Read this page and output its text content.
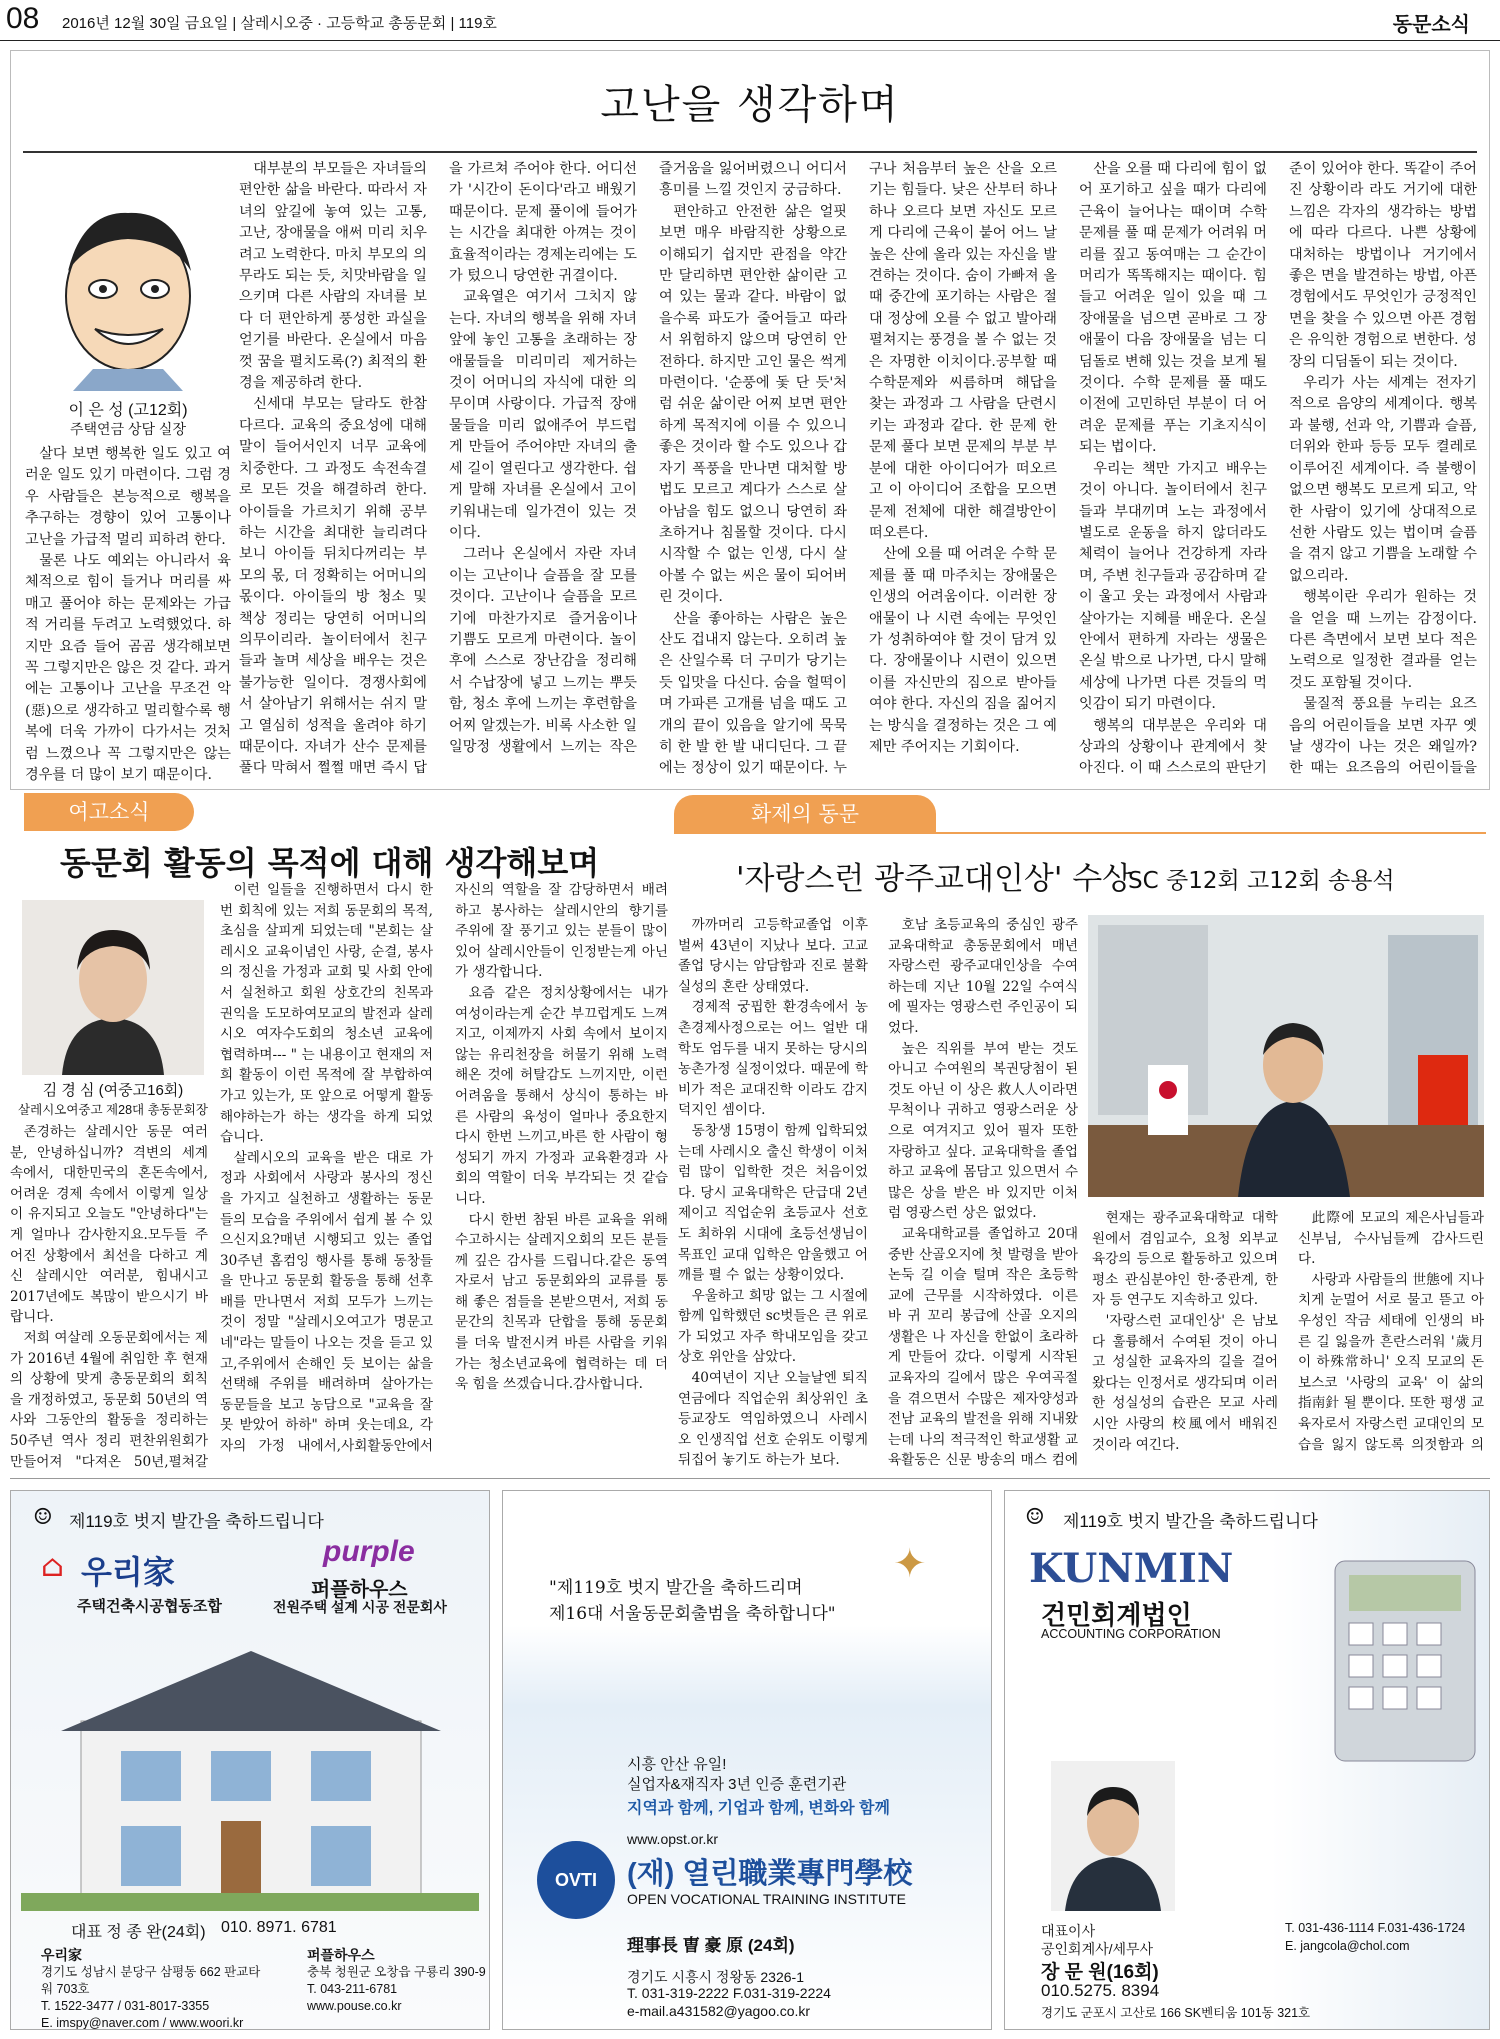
08 2016년 12월 30일 금요일 | 살레시오중 · 고등학교 총동문회 | 119호	동문소식
고난을 생각하며
이 은 성 (고12회)
주택연금 상담 실장

살다 보면 행복한 일도 있고 여러운 일도 있기 마련이다. 그럼 경우 사람들은 본능적으로 행복을 추구하는 경향이 있어 고통이나 고난을 가급적 멀리 피하려 한다.

물론 나도 예외는 아니라서 육체적으로 힘이 들거나 머리를 싸매고 풀어야 하는 문제와는 가급적 거리를 두려고 노력했었다. 하지만 요즘 들어 곰곰 생각해보면 꼭 그렇지만은 않은 것 같다. 과거에는 고통이나 고난을 무조건 악(惡)으로 생각하고 멀리할수록 행복에 더욱 가까이 다가서는 것처럼 느꼈으나 꼭 그렇지만은 않는 경우를 더 많이 보기 때문이다.

대부분의 부모들은 자녀들의 편안한 삶을 바란다. 따라서 자녀의 앞길에 놓여 있는 고통, 고난, 장애물을 애써 미리 치우려고 노력한다. 마치 부모의 의무라도 되는 듯, 치맛바람을 일으키며 다른 사람의 자녀를 보다 더 편안하게 풍성한 과실을 얻기를 바란다. 온실에서 마음껏 꿈을 펼치도록(?) 최적의 환경을 제공하려 한다.

신세대 부모는 달라도 한참 다르다. 교육의 중요성에 대해 말이 들어서인지 너무 교육에 치중한다. 그 과정도 속전속결로 모든 것을 해결하려 한다. 아이들을 가르치기 위해 공부하는 시간을 최대한 늘리려다 보니 아이들 뒤치다꺼리는 부모의 몫, 더 정확히는 어머니의 몫이다. 아이들의 방 청소 및 책상 정리는 당연히 어머니의 의무이리라. 놀이터에서 친구들과 놀며 세상을 배우는 것은 불가능한 일이다. 경쟁사회에서 살아남기 위해서는 쉬지 말고 열심히 성적을 올려야 하기 때문이다. 자녀가 산수 문제를 풀다 막혀서 쩔쩔 매면 즉시 답을 가르쳐 주어야 한다. 어디선가 '시간이 돈이다'라고 배웠기 때문이다. 문제 풀이에 들어가는 시간을 최대한 아껴는 것이 효율적이라는 경제논리에는 도가 텄으니 당연한 귀결이다.

교육열은 여기서 그치지 않는다. 자녀의 행복을 위해 자녀 앞에 놓인 고통을 초래하는 장애물들을 미리미리 제거하는 것이 어머니의 자식에 대한 의무이며 사랑이다. 가급적 장애물들을 미리 없애주어 부드럽게 만들어 주어야만 자녀의 출세 길이 열린다고 생각한다. 쉽게 말해 자녀를 온실에서 고이 키워내는데 일가견이 있는 것이다.

그러나 온실에서 자란 자녀이는 고난이나 슬픔을 잘 모를 것이다. 고난이나 슬픔을 모르기에 마찬가지로 즐거움이나 기쁨도 모르게 마련이다. 놀이 후에 스스로 장난감을 정리해서 수납장에 넣고 느끼는 뿌듯함, 청소 후에 느끼는 후련함을 어찌 알겠는가. 비록 사소한 일일망정 생활에서 느끼는 작은 즐거움을 잃어버렸으니 어디서 흥미를 느낄 것인지 궁금하다.

편안하고 안전한 삶은 얼핏 보면 매우 바람직한 상황으로 이해되기 쉽지만 관점을 약간만 달리하면 편안한 삶이란 고여 있는 물과 같다. 바람이 없을수록 파도가 줄어들고 따라서 위험하지 않으며 당연히 안전하다. 하지만 고인 물은 썩게 마련이다. '순풍에 돛 단 듯'처럼 쉬운 삶이란 어찌 보면 편안하게 목적지에 이를 수 있으니 좋은 것이라 할 수도 있으나 갑자기 폭풍을 만나면 대처할 방법도 모르고 계다가 스스로 살아남을 힘도 없으니 당연히 좌초하거나 침몰할 것이다. 다시 시작할 수 없는 인생, 다시 살아볼 수 없는 씨은 물이 되어버린 것이다.

산을 좋아하는 사람은 높은 산도 겁내지 않는다. 오히려 높은 산일수록 더 구미가 당기는 듯 입맛을 다신다. 숨을 헐떡이며 가파른 고개를 넘을 때도 고개의 끝이 있음을 알기에 묵묵히 한 발 한 발 내디딘다. 그 끝에는 정상이 있기 때문이다. 누구나 처음부터 높은 산을 오르기는 힘들다. 낮은 산부터 하나하나 오르다 보면 자신도 모르게 다리에 근육이 붙어 어느 날 높은 산에 올라 있는 자신을 발견하는 것이다. 숨이 가빠져 올 때 중간에 포기하는 사람은 절대 정상에 오를 수 없고 발아래 펼쳐지는 풍경을 볼 수 없는 것은 자명한 이치이다.공부할 때 수학문제와 씨름하며 해답을 찾는 과정과 그 사람을 단련시키는 과정과 같다. 한 문제 한 문제 풀다 보면 문제의 부분 부분에 대한 아이디어가 떠오르고 이 아이디어 조합을 모으면 문제 전체에 대한 해결방안이 떠오른다.

산에 오를 때 어려운 수학 문제를 풀 때 마주치는 장애물은 인생의 어려움이다. 이러한 장애물이 나 시련 속에는 무엇인가 성취하여야 할 것이 담겨 있다. 장애물이나 시련이 있으면 이를 자신만의 짐으로 받아들여야 한다. 자신의 짐을 짊어지는 방식을 결정하는 것은 그 예제만 주어지는 기회이다.

산을 오를 때 다리에 힘이 없어 포기하고 싶을 때가 다리에 근육이 늘어나는 때이며 수학문제를 풀 때 문제가 어려워 머리를 짚고 동여매는 그 순간이 머리가 똑똑해지는 때이다. 힘들고 어려운 일이 있을 때 그 장애물을 넘으면 곧바로 그 장애물이 다음 장애물을 넘는 디딤돌로 변해 있는 것을 보게 될 것이다. 수학 문제를 풀 때도 이전에 고민하던 부분이 더 어려운 문제를 푸는 기초지식이 되는 법이다.

우리는 책만 가지고 배우는 것이 아니다. 놀이터에서 친구들과 부대끼며 노는 과정에서 별도로 운동을 하지 않더라도 체력이 늘어나 건강하게 자라며, 주변 친구들과 공감하며 같이 울고 웃는 과정에서 사람과 살아가는 지혜를 배운다. 온실 안에서 편하게 자라는 생물은 온실 밖으로 나가면, 다시 말해 세상에 나가면 다른 것들의 먹잇감이 되기 마련이다.

행복의 대부분은 우리와 대상과의 상황이나 관계에서 찾아진다. 이 때 스스로의 판단기준이 있어야 한다. 똑같이 주어진 상황이라 라도 거기에 대한 느낌은 각자의 생각하는 방법에 따라 다르다. 나쁜 상황에 대처하는 방법이나 거기에서 좋은 면을 발견하는 방법, 아픈 경험에서도 무엇인가 긍정적인 면을 찾을 수 있으면 아픈 경험은 유익한 경험으로 변한다. 성장의 디딤돌이 되는 것이다.

우리가 사는 세계는 전자기적으로 음양의 세계이다. 행복과 불행, 선과 악, 기쁨과 슬픔, 더위와 한파 등등 모두 켤레로 이루어진 세계이다. 즉 불행이 없으면 행복도 모르게 되고, 악한 사람이 있기에 상대적으로 선한 사람도 있는 법이며 슬픔을 겪지 않고 기쁨을 노래할 수 없으리라.

행복이란 우리가 원하는 것을 얻을 때 느끼는 감정이다. 다른 측면에서 보면 보다 적은 노력으로 일정한 결과를 얻는 것도 포함될 것이다.

물질적 풍요를 누리는 요즈음의 어린이들을 보면 자꾸 옛날 생각이 나는 것은 왜일까? 한 때는 요즈음의 어린이들을

여고소식
동문회 활동의 목적에 대해 생각해보며
김 경 심 (여중고16회)
살레시오여중고 제28대 총동문회장

존경하는 살레시안 동문 여러분, 안녕하십니까? 격변의 세계 속에서, 대한민국의 혼돈속에서, 어려운 경제 속에서 이렇게 일상이 유지되고 오늘도 "안녕하다"는 게 얼마나 감사한지요.모두들 주어진 상황에서 최선을 다하고 계신 살레시안 여러분, 힘내시고 2017년에도 복많이 받으시기 바랍니다.

저희 여살레 오동문회에서는 제가 2016년 4월에 취임한 후 현재의 상황에 맞게 총동문회의 회칙을 개정하였고, 동문회 50년의 역사와 그동안의 활동을 정리하는 50주년 역사 정리 편찬위원회가 만들어져 "다져온 50년,펼쳐갈

이런 일들을 진행하면서 다시 한번 회칙에 있는 저희 동문회의 목적,초심을 살피게 되었는데 "본회는 살레시오 교육이념인 사랑, 순결, 봉사의 정신을 가정과 교회 및 사회 안에서 실천하고 회원 상호간의 친목과 권익을 도모하여모교의 발전과 살레시오 여자수도회의 청소년 교육에 협력하며--- " 는 내용이고 현재의 저희 활동이 이런 목적에 잘 부합하여 가고 있는가, 또 앞으로 어떻게 활동해야하는가 하는 생각을 하게 되었습니다.

살레시오의 교육을 받은 대로 가정과 사회에서 사랑과 봉사의 정신을 가지고 실천하고 생활하는 동문들의 모습을 주위에서 쉽게 볼 수 있으신지요?매년 시행되고 있는 졸업 30주년 홈컴잉 행사를 통해 동창들을 만나고 동문회 활동을 통해 선후배를 만나면서 저희 모두가 느끼는 것이 정말 "살레시오여고가 명문고네"라는 말들이 나오는 것을 듣고 있고,주위에서 손해인 듯 보이는 삶을 선택해 주위를 배려하며 살아가는 동문들을 보고 농담으로 "교육을 잘못 받았어 하하" 하며 웃는데요, 각자의 가정 내에서,사회활동안에서 자신의 역할을 잘 감당하면서 배려하고 봉사하는 살레시안의 향기를 주위에 잘 풍기고 있는 분들이 많이 있어 살레시안들이 인정받는게 아닌가 생각합니다.

요즘 같은 정치상황에서는 내가 여성이라는게 순간 부끄럽게도 느껴지고, 이제까지 사회 속에서 보이지 않는 유리천장을 허물기 위해 노력해온 것에 허탈감도 느끼지만, 이런 어려움을 통해서 상식이 통하는 바른 사람의 육성이 얼마나 중요한지 다시 한번 느끼고,바른 한 사람이 형성되기 까지 가정과 교육환경과 사회의 역할이 더욱 부각되는 것 같습니다.

다시 한번 참된 바른 교육을 위해 수고하시는 살레지오회의 모든 분들께 깊은 감사를 드립니다.같은 동역자로서 남고 동문회와의 교류를 통해 좋은 점들을 본받으면서, 저희 동문간의 친목과 단합을 통해 동문회를 더욱 발전시켜 바른 사람을 키워가는 청소년교육에 협력하는 데 더욱 힘을 쓰겠습니다.감사합니다.

화제의 동문
'자랑스런 광주교대인상' 수상
SC 중12회 고12회 송용석

까까머리 고등학교졸업 이후 벌써 43년이 지났나 보다. 고교 졸업 당시는 암담함과 진로 불확실성의 혼란 상태였다.

경제적 궁핍한 환경속에서 농촌경제사정으로는 어느 얼반 대학도 엄두를 내지 못하는 당시의 농촌가정 실정이었다. 때문에 학비가 적은 교대진학 이라도 감지덕지인 셈이다.

동창생 15명이 함께 입학되었는데 사레시오 출신 학생이 이처럼 많이 입학한 것은 처음이었다. 당시 교육대학은 단급대 2년제이고 직업순위 초등교사 선호도 최하위 시대에 초등선생님이 목표인 교대 입학은 암울했고 어깨를 펼 수 없는 상황이었다.

우울하고 희망 없는 그 시절에 함께 입학했던 sc벗들은 큰 위로가 되었고 자주 학내모임을 갖고 상호 위안을 삼았다.

40여년이 지난 오늘날엔 퇴직연금에다 직업순위 최상위인 초등교장도 역임하였으니 사레시오 인생직업 선호 순위도 이렇게 뒤집어 놓기도 하는가 보다.

호남 초등교육의 중심인 광주교육대학교 총동문회에서 매년 자랑스런 광주교대인상을 수여하는데 지난 10월 22일 수여식에 필자는 영광스런 주인공이 되었다.

높은 직위를 부여 받는 것도 아니고 수여원의 복권당첨이 된 것도 아닌 이 상은 救人人이라면 무척이나 귀하고 영광스러운 상으로 여겨지고 있어 필자 또한 자랑하고 싶다. 교육대학을 졸업하고 교육에 몸담고 있으면서 수많은 상을 받은 바 있지만 이처럼 영광스런 상은 없었다.

교육대학교를 졸업하고 20대 중반 산골오지에 첫 발령을 받아 논둑 길 이슬 털며 작은 초등학교에 근무를 시작하였다. 이른 바 귀 꼬리 봉급에 산골 오지의 생활은 나 자신을 한없이 초라하게 만들어 갔다. 이렇게 시작된 교육자의 길에서 많은 우여곡절을 겪으면서 수많은 제자양성과 전남 교육의 발전을 위해 지내왔는데 나의 적극적인 학교생활 교육활동은 신문 방송의 매스 컴에

현재는 광주교육대학교 대학원에서 겸임교수, 요청 외부교육강의 등으로 활동하고 있으며 평소 관심분야인 한·중관계, 한자 등 연구도 지속하고 있다.

'자랑스런 교대인상' 은 남보다 훌륭해서 수여된 것이 아니고 성실한 교육자의 길을 걸어왔다는 인정서로 생각되며 이러한 성실성의 습관은 모교 사레시안 사랑의 校風에서 배워진 것이라 여긴다.

此際에 모교의 제은사님들과 신부님, 수사님들께 감사드린다.

사랑과 사람들의 世態에 지나치게 눈멀어 서로 물고 뜯고 아우성인 작금 세태에 인생의 바른 길 잃을까 흔란스러워 '歲月이 하殊常하니' 오직 모교의 돈보스코 '사랑의 교육' 이 삶의 指南針 될 뿐이다. 또한 평생 교육자로서 자랑스런 교대인의 모습을 잃지 않도록 의젓함과 의

☺ 제119호 벗지 발간을 축하드립니다
⌂ 우리家
주택건축시공협동조합
purple
퍼플하우스
전원주택 설계 시공 전문회사
대표 정 종 완(24회) 010. 8971. 6781
우리家
경기도 성남시 분당구 삼평동 662 판교타워 703호
T. 1522-3477 / 031-8017-3355
E. imspy@naver.com / www.woori.kr
퍼플하우스
충북 청원군 오창읍 구룡리 390-9
T. 043-211-6781
www.pouse.co.kr
"제119호 벗지 발간을 축하드리며
제16대 서울동문회출범을 축하합니다"
✦
시흥 안산 유일!
실업자&재직자 3년 인증 훈련기관
지역과 함께, 기업과 함께, 변화와 함께
www.opst.or.kr
OVTI	(재) 열린職業專門學校
OPEN VOCATIONAL TRAINING INSTITUTE
理事長 曺 豪 原 (24회)
경기도 시흥시 정왕동 2326-1
T. 031-319-2222 F.031-319-2224
e-mail.a431582@yagoo.co.kr
☺ 제119호 벗지 발간을 축하드립니다
KUNMIN
건민회계법인
ACCOUNTING CORPORATION
대표이사
공인회계사/세무사
장 문 원(16회)
010.5275. 8394
경기도 군포시 고산로 166 SK벤티움 101동 321호
T. 031-436-1114 F.031-436-1724
E. jangcola@chol.com
